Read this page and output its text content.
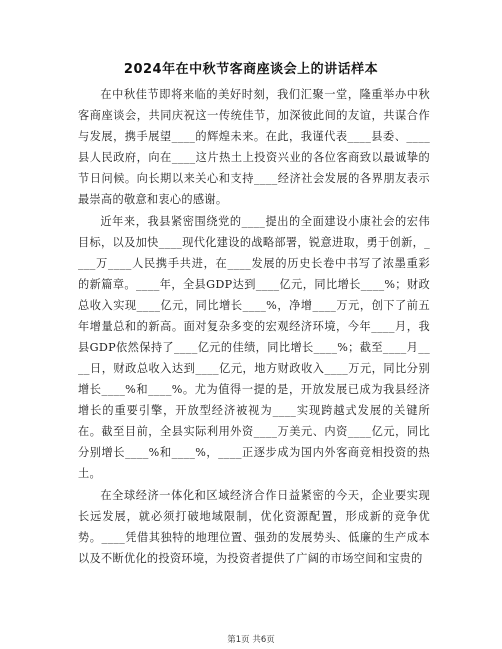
2024年在中秋节客商座谈会上的讲话样本

在中秋佳节即将来临的美好时刻，我们汇聚一堂，隆重举办中秋客商座谈会，共同庆祝这一传统佳节，加深彼此间的友谊，共谋合作与发展，携手展望____的辉煌未来。在此，我谨代表____县委、____县人民政府，向在____这片热土上投资兴业的各位客商致以最诚挚的节日问候。向长期以来关心和支持____经济社会发展的各界朋友表示最崇高的敬意和衷心的感谢。

近年来，我县紧密围绕党的____提出的全面建设小康社会的宏伟目标，以及加快____现代化建设的战略部署，锐意进取，勇于创新，____万____人民携手共进，在____发展的历史长卷中书写了浓墨重彩的新篇章。____年，全县GDP达到____亿元，同比增长____%；财政总收入实现____亿元，同比增长____%，净增____万元，创下了前五年增量总和的新高。面对复杂多变的宏观经济环境，今年____月，我县GDP依然保持了____亿元的佳绩，同比增长____%；截至____月____日，财政总收入达到____亿元，地方财政收入____万元，同比分别增长____%和____%。尤为值得一提的是，开放发展已成为我县经济增长的重要引擎，开放型经济被视为____实现跨越式发展的关键所在。截至目前，全县实际利用外资____万美元、内资____亿元，同比分别增长____%和____%，____正逐步成为国内外客商竞相投资的热土。

在全球经济一体化和区域经济合作日益紧密的今天，企业要实现长远发展，就必须打破地域限制，优化资源配置，形成新的竞争优势。____凭借其独特的地理位置、强劲的发展势头、低廉的生产成本以及不断优化的投资环境，为投资者提供了广阔的市场空间和宝贵的

第1页 共6页
